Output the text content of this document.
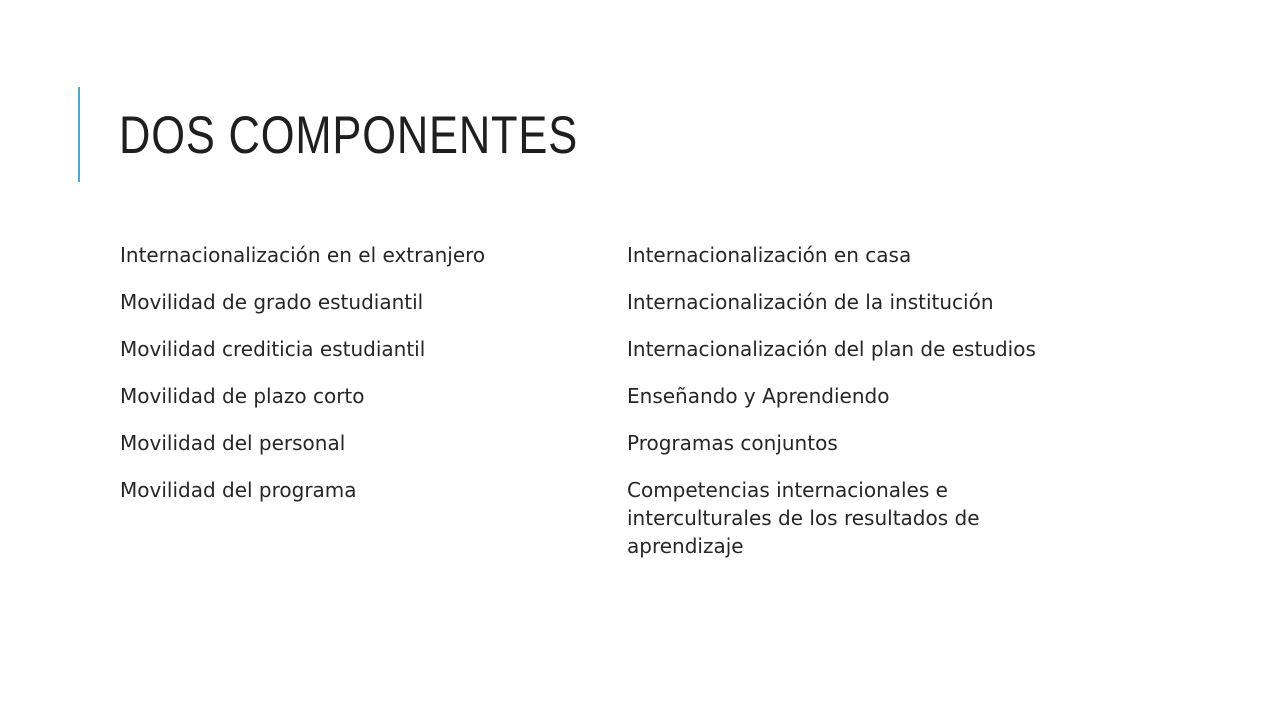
DOS COMPONENTES
Internacionalización en el extranjero
Movilidad de grado estudiantil
Movilidad crediticia estudiantil
Movilidad de plazo corto
Movilidad del personal
Movilidad del programa
Internacionalización en casa
Internacionalización de la institución
Internacionalización del plan de estudios
Enseñando y Aprendiendo
Programas conjuntos
Competencias internacionales e interculturales de los resultados de aprendizaje
